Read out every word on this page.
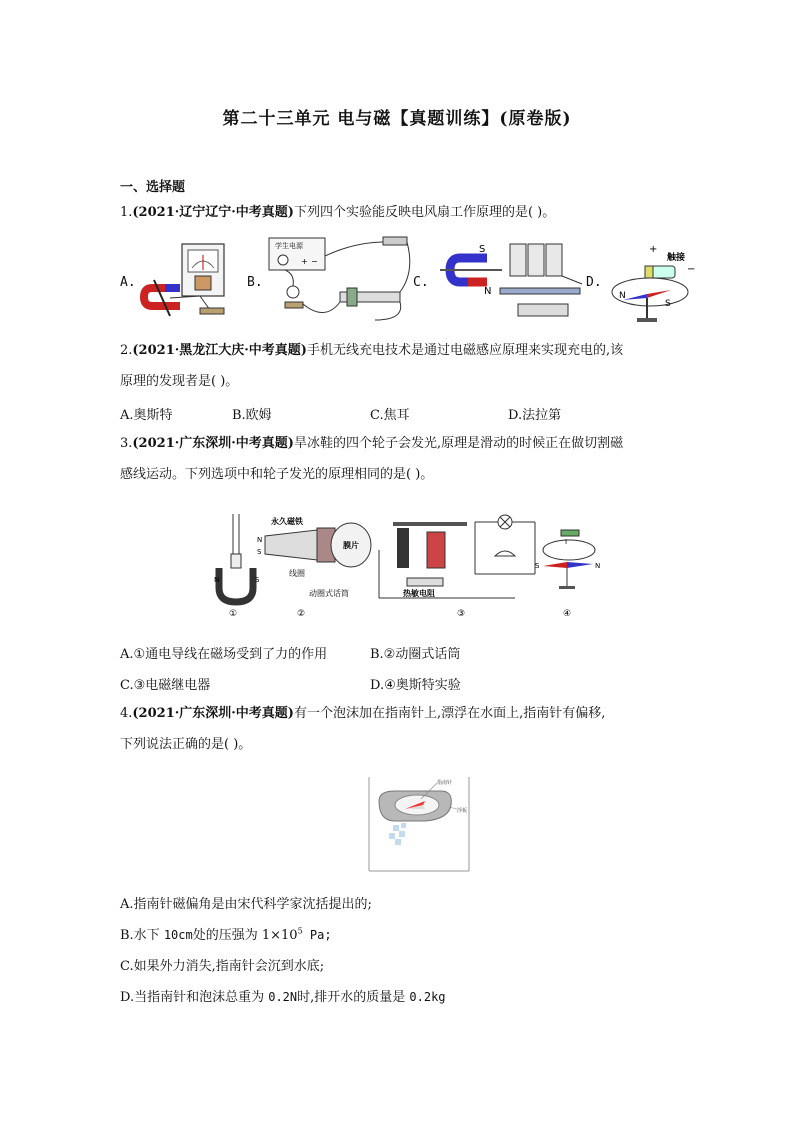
第二十三单元 电与磁【真题训练】(原卷版)
一、选择题
1.(2021·辽宁辽宁·中考真题)下列四个实验能反映电风扇工作原理的是( )。
A.	B.
学生电源
+ −
C.
S
N
D.
+
触接
−
N
S
2.(2021·黑龙江大庆·中考真题)手机无线充电技术是通过电磁感应原理来实现充电的,该
原理的发现者是( )。
A.奥斯特	B.欧姆	C.焦耳	D.法拉第
3.(2021·广东深圳·中考真题)旱冰鞋的四个轮子会发光,原理是滑动的时候正在做切割磁
感线运动。下列选项中和轮子发光的原理相同的是( )。
N	S
①
永久磁铁
N
S
膜片
线圈
动圈式话筒
②
热敏电阻
③
I
S	N
④
A.①通电导线在磁场受到了力的作用	B.②动圈式话筒
C.③电磁继电器	D.④奥斯特实验
4.(2021·广东深圳·中考真题)有一个泡沫加在指南针上,漂浮在水面上,指南针有偏移,
下列说法正确的是( )。
指南针
浮板
A.指南针磁偏角是由宋代科学家沈括提出的;
B.水下 10cm处的压强为 $1\times 10^5$ Pa;
C.如果外力消失,指南针会沉到水底;
D.当指南针和泡沫总重为 0.2N时,排开水的质量是 0.2kg
